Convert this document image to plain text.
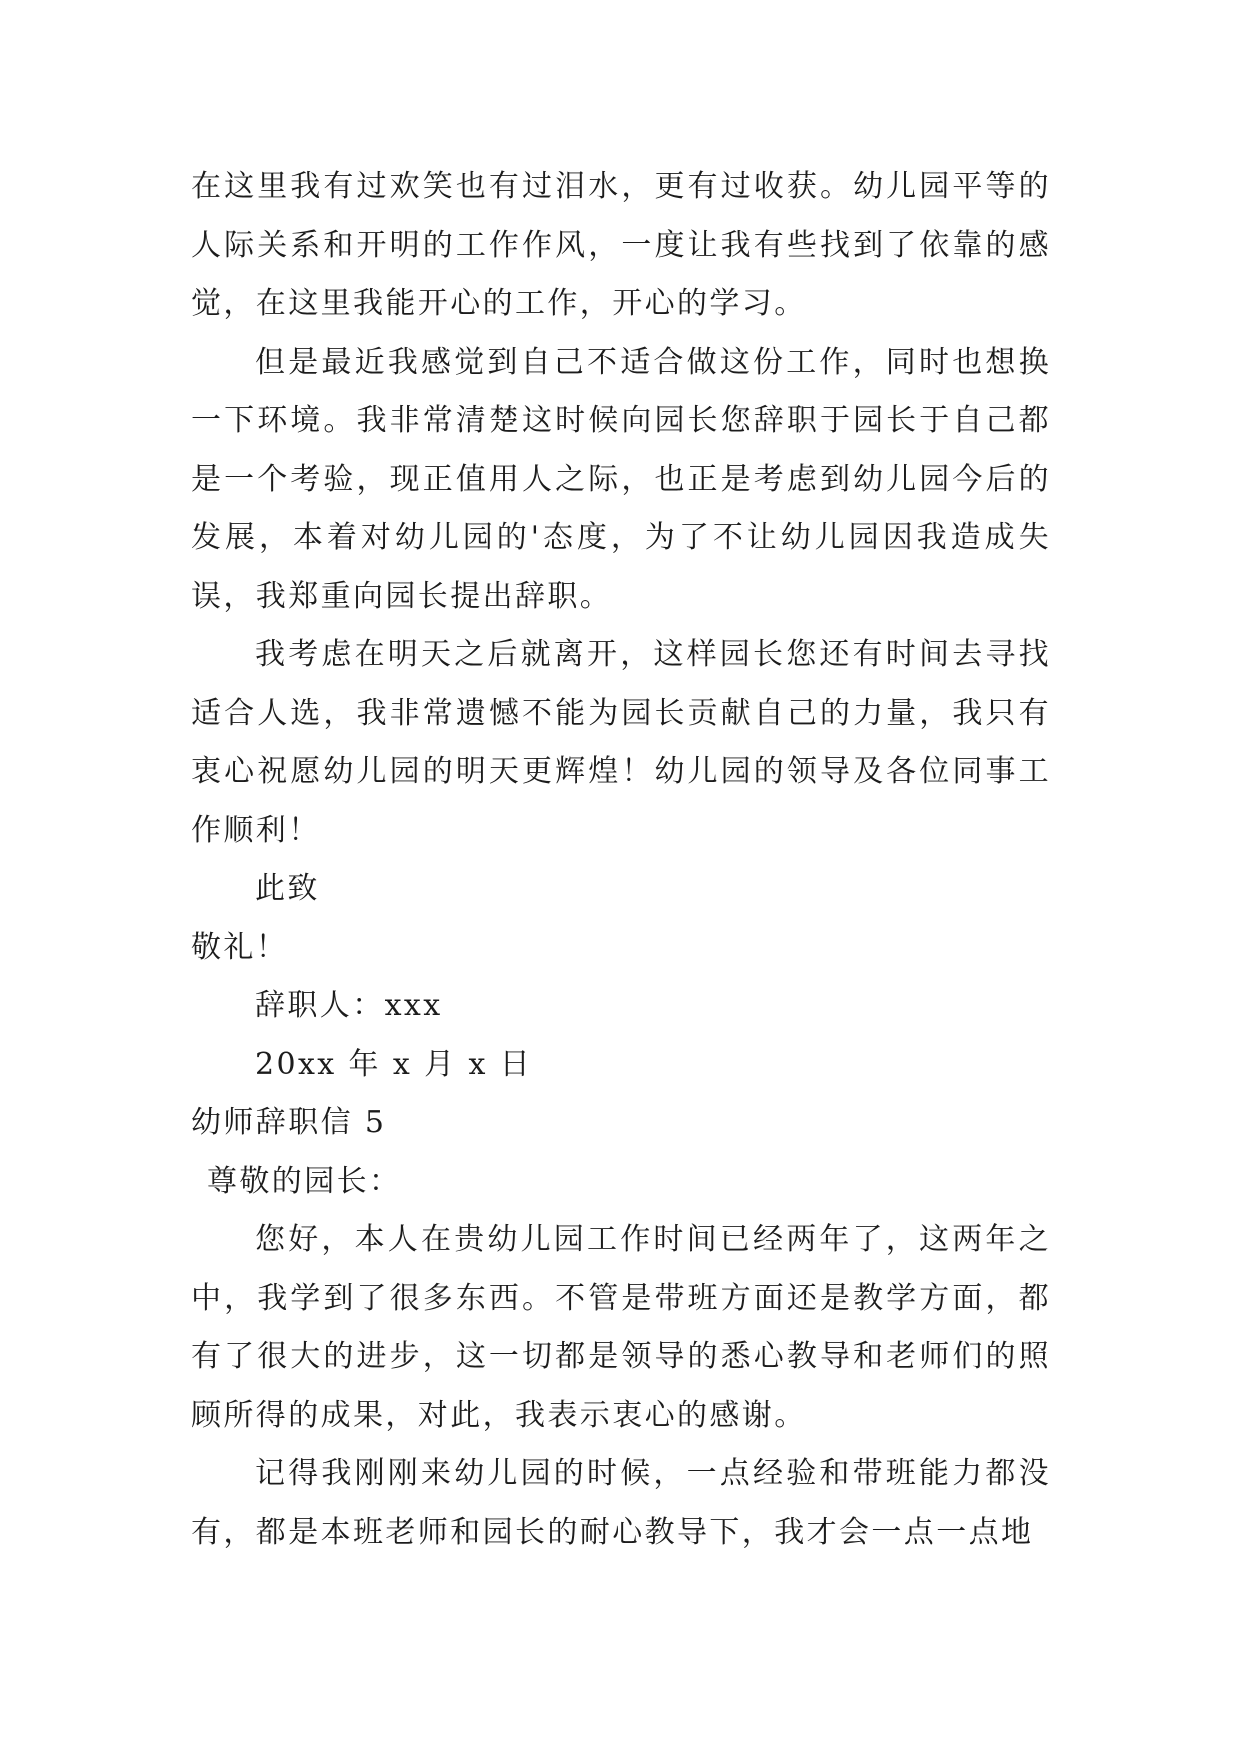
在这里我有过欢笑也有过泪水，更有过收获。幼儿园平等的人际关系和开明的工作作风，一度让我有些找到了依靠的感觉，在这里我能开心的工作，开心的学习。

但是最近我感觉到自己不适合做这份工作，同时也想换一下环境。我非常清楚这时候向园长您辞职于园长于自己都是一个考验，现正值用人之际，也正是考虑到幼儿园今后的发展，本着对幼儿园的'态度，为了不让幼儿园因我造成失误，我郑重向园长提出辞职。

我考虑在明天之后就离开，这样园长您还有时间去寻找适合人选，我非常遗憾不能为园长贡献自己的力量，我只有衷心祝愿幼儿园的明天更辉煌！幼儿园的领导及各位同事工作顺利！

此致

敬礼！

辞职人：xxx

20xx 年 x 月 x 日

幼师辞职信 5

尊敬的园长：

您好，本人在贵幼儿园工作时间已经两年了，这两年之中，我学到了很多东西。不管是带班方面还是教学方面，都有了很大的进步，这一切都是领导的悉心教导和老师们的照顾所得的成果，对此，我表示衷心的感谢。

记得我刚刚来幼儿园的时候，一点经验和带班能力都没有，都是本班老师和园长的耐心教导下，我才会一点一点地
